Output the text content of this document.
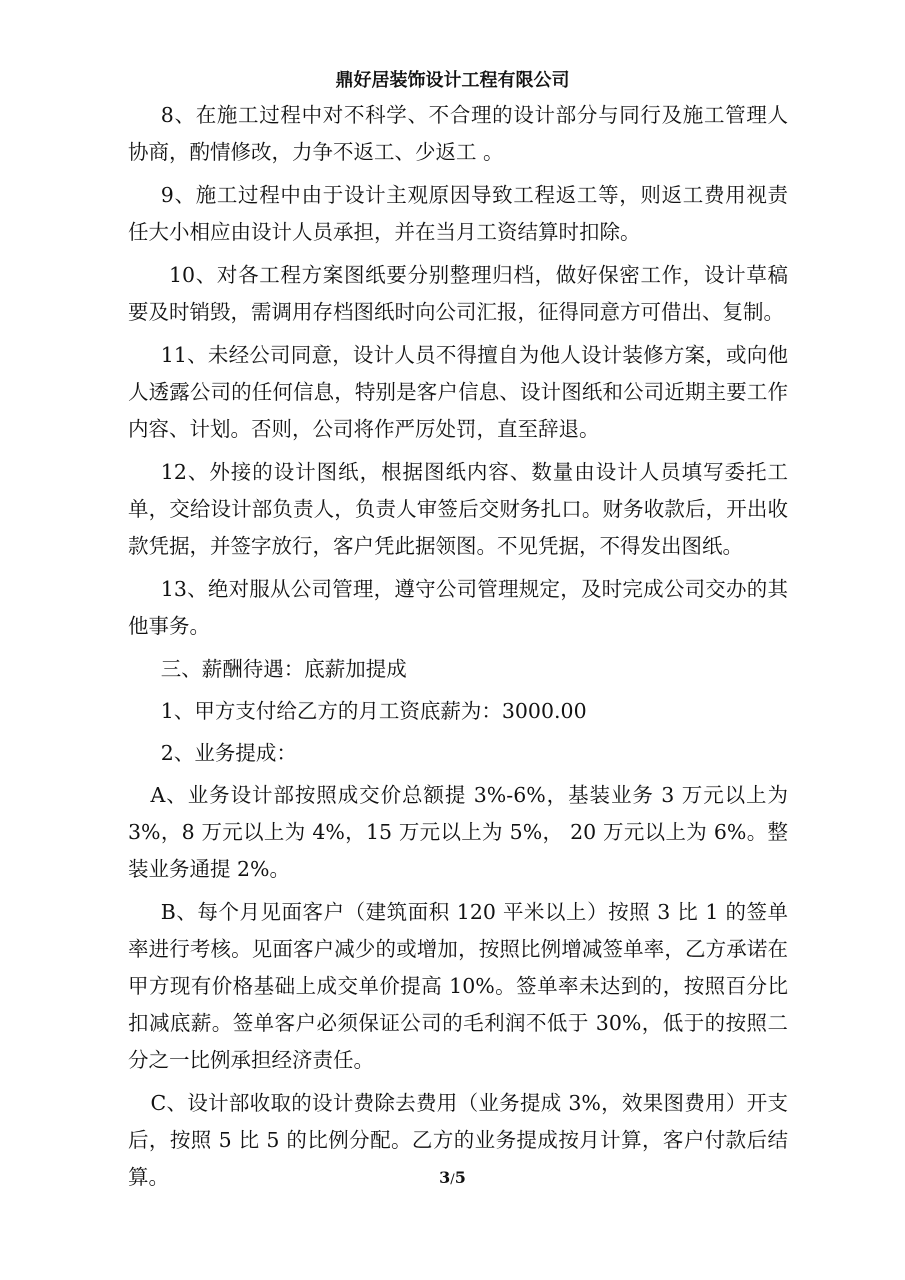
鼎好居装饰设计工程有限公司

8、在施工过程中对不科学、不合理的设计部分与同行及施工管理人协商，酌情修改，力争不返工、少返工 。

9、施工过程中由于设计主观原因导致工程返工等，则返工费用视责任大小相应由设计人员承担，并在当月工资结算时扣除。

10、对各工程方案图纸要分别整理归档，做好保密工作，设计草稿要及时销毁，需调用存档图纸时向公司汇报，征得同意方可借出、复制。

11、未经公司同意，设计人员不得擅自为他人设计装修方案，或向他人透露公司的任何信息，特别是客户信息、设计图纸和公司近期主要工作内容、计划。否则，公司将作严厉处罚，直至辞退。

12、外接的设计图纸，根据图纸内容、数量由设计人员填写委托工单，交给设计部负责人，负责人审签后交财务扎口。财务收款后，开出收款凭据，并签字放行，客户凭此据领图。不见凭据，不得发出图纸。

13、绝对服从公司管理，遵守公司管理规定，及时完成公司交办的其他事务。

三、薪酬待遇：底薪加提成

1、甲方支付给乙方的月工资底薪为：3000.00

2、业务提成：

A、业务设计部按照成交价总额提 3%-6%，基装业务 3 万元以上为 3%，8 万元以上为 4%，15 万元以上为 5%， 20 万元以上为 6%。整装业务通提 2%。

B、每个月见面客户（建筑面积 120 平米以上）按照 3 比 1 的签单率进行考核。见面客户减少的或增加，按照比例增减签单率，乙方承诺在甲方现有价格基础上成交单价提高 10%。签单率未达到的，按照百分比扣减底薪。签单客户必须保证公司的毛利润不低于 30%，低于的按照二分之一比例承担经济责任。

C、设计部收取的设计费除去费用（业务提成 3%，效果图费用）开支后，按照 5 比 5 的比例分配。乙方的业务提成按月计算，客户付款后结算。	3/5
